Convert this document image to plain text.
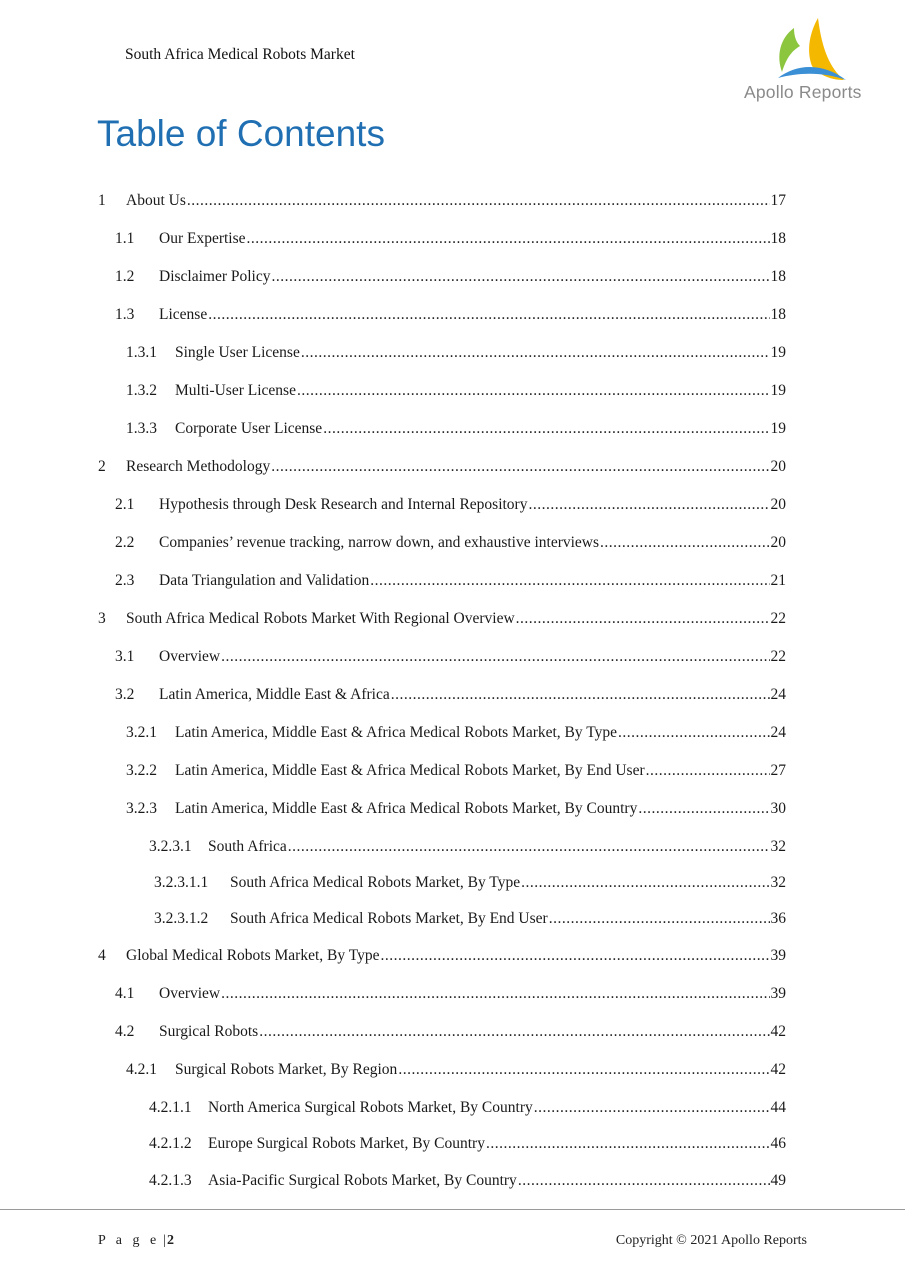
South Africa Medical Robots Market
Apollo Reports
Table of Contents
1	About Us .....	17
1.1	Our Expertise .....	18
1.2	Disclaimer Policy .....	18
1.3	License .....	18
1.3.1	Single User License .....	19
1.3.2	Multi-User License .....	19
1.3.3	Corporate User License .....	19
2	Research Methodology .....	20
2.1	Hypothesis through Desk Research and Internal Repository .....	20
2.2	Companies’ revenue tracking, narrow down, and exhaustive interviews .....	20
2.3	Data Triangulation and Validation .....	21
3	South Africa Medical Robots Market With Regional Overview .....	22
3.1	Overview .....	22
3.2	Latin America, Middle East & Africa .....	24
3.2.1	Latin America, Middle East & Africa Medical Robots Market, By Type .....	24
3.2.2	Latin America, Middle East & Africa Medical Robots Market, By End User .....	27
3.2.3	Latin America, Middle East & Africa Medical Robots Market, By Country .....	30
3.2.3.1	South Africa .....	32
3.2.3.1.1	South Africa Medical Robots Market, By Type .....	32
3.2.3.1.2	South Africa Medical Robots Market, By End User .....	36
4	Global Medical Robots Market, By Type .....	39
4.1	Overview .....	39
4.2	Surgical Robots .....	42
4.2.1	Surgical Robots Market, By Region .....	42
4.2.1.1	North America Surgical Robots Market, By Country .....	44
4.2.1.2	Europe Surgical Robots Market, By Country .....	46
4.2.1.3	Asia-Pacific Surgical Robots Market, By Country .....	49
P a g e |2	Copyright © 2021 Apollo Reports
